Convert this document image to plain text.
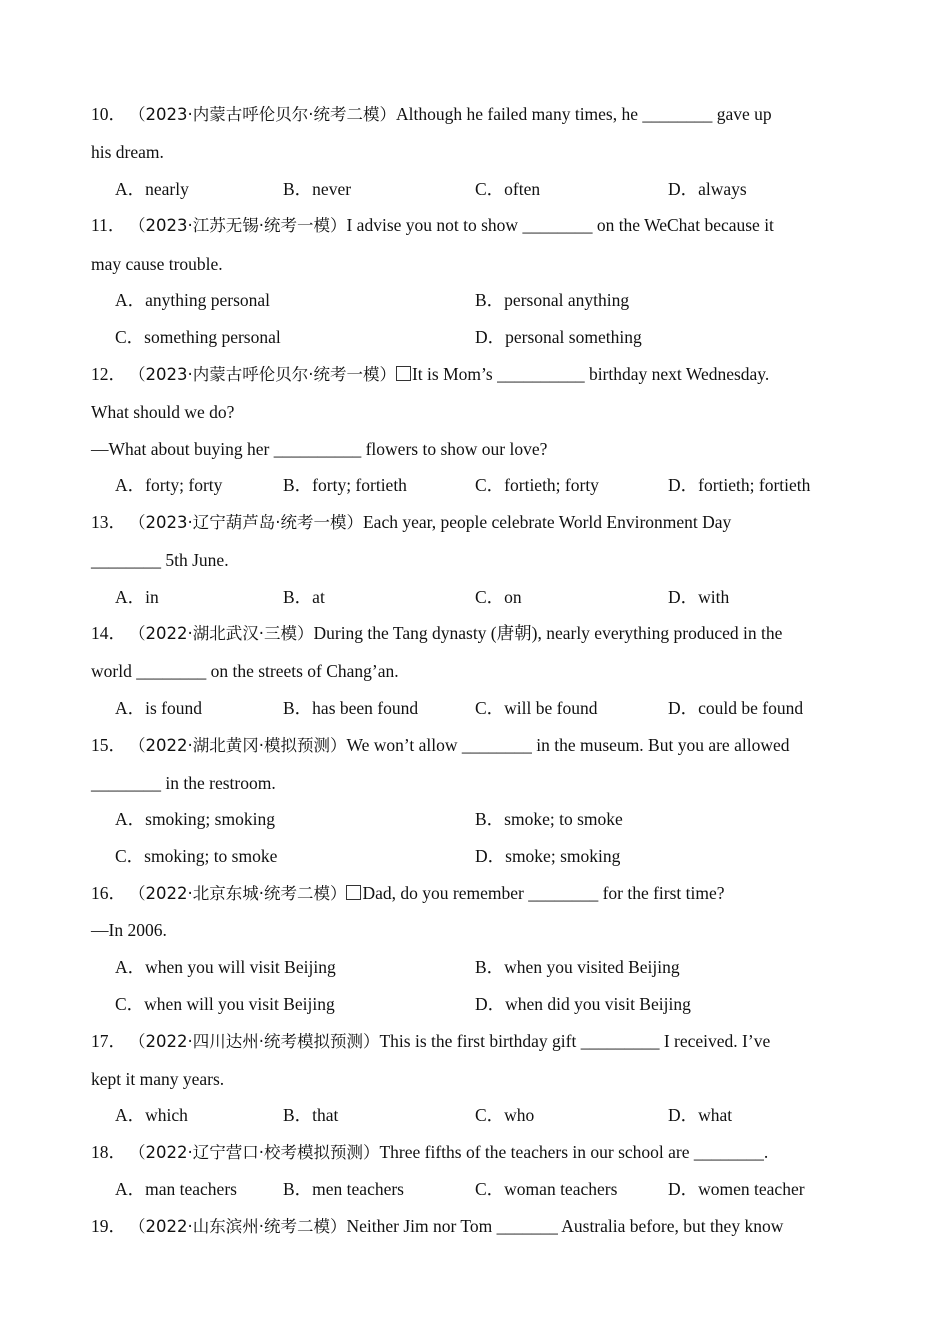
10． （2023·内蒙古呼伦贝尔·统考二模）Although he failed many times, he ________ gave up
his dream.
A．nearly	B．never	C．often	D．always
11． （2023·江苏无锡·统考一模）I advise you not to show ________ on the WeChat because it
may cause trouble.
A．anything personal	B．personal anything
C．something personal	D．personal something
12． （2023·内蒙古呼伦贝尔·统考一模） It is Mom’s __________ birthday next Wednesday.
What should we do?
—What about buying her __________ flowers to show our love?
A．forty; forty	B．forty; fortieth	C．fortieth; forty	D．fortieth; fortieth
13． （2023·辽宁葫芦岛·统考一模）Each year, people celebrate World Environment Day
________ 5th June.
A．in	B．at	C．on	D．with
14． （2022·湖北武汉·三模）During the Tang dynasty (唐朝), nearly everything produced in the
world ________ on the streets of Chang’an.
A．is found	B．has been found	C．will be found	D．could be found
15． （2022·湖北黄冈·模拟预测）We won’t allow ________ in the museum. But you are allowed
________ in the restroom.
A．smoking; smoking	B．smoke; to smoke
C．smoking; to smoke	D．smoke; smoking
16． （2022·北京东城·统考二模） Dad, do you remember ________ for the first time?
—In 2006.
A．when you will visit Beijing	B．when you visited Beijing
C．when will you visit Beijing	D．when did you visit Beijing
17． （2022·四川达州·统考模拟预测）This is the first birthday gift _________ I received. I’ve
kept it many years.
A．which	B．that	C．who	D．what
18． （2022·辽宁营口·校考模拟预测）Three fifths of the teachers in our school are ________.
A．man teachers	B．men teachers	C．woman teachers	D．women teacher
19． （2022·山东滨州·统考二模）Neither Jim nor Tom _______ Australia before, but they know
